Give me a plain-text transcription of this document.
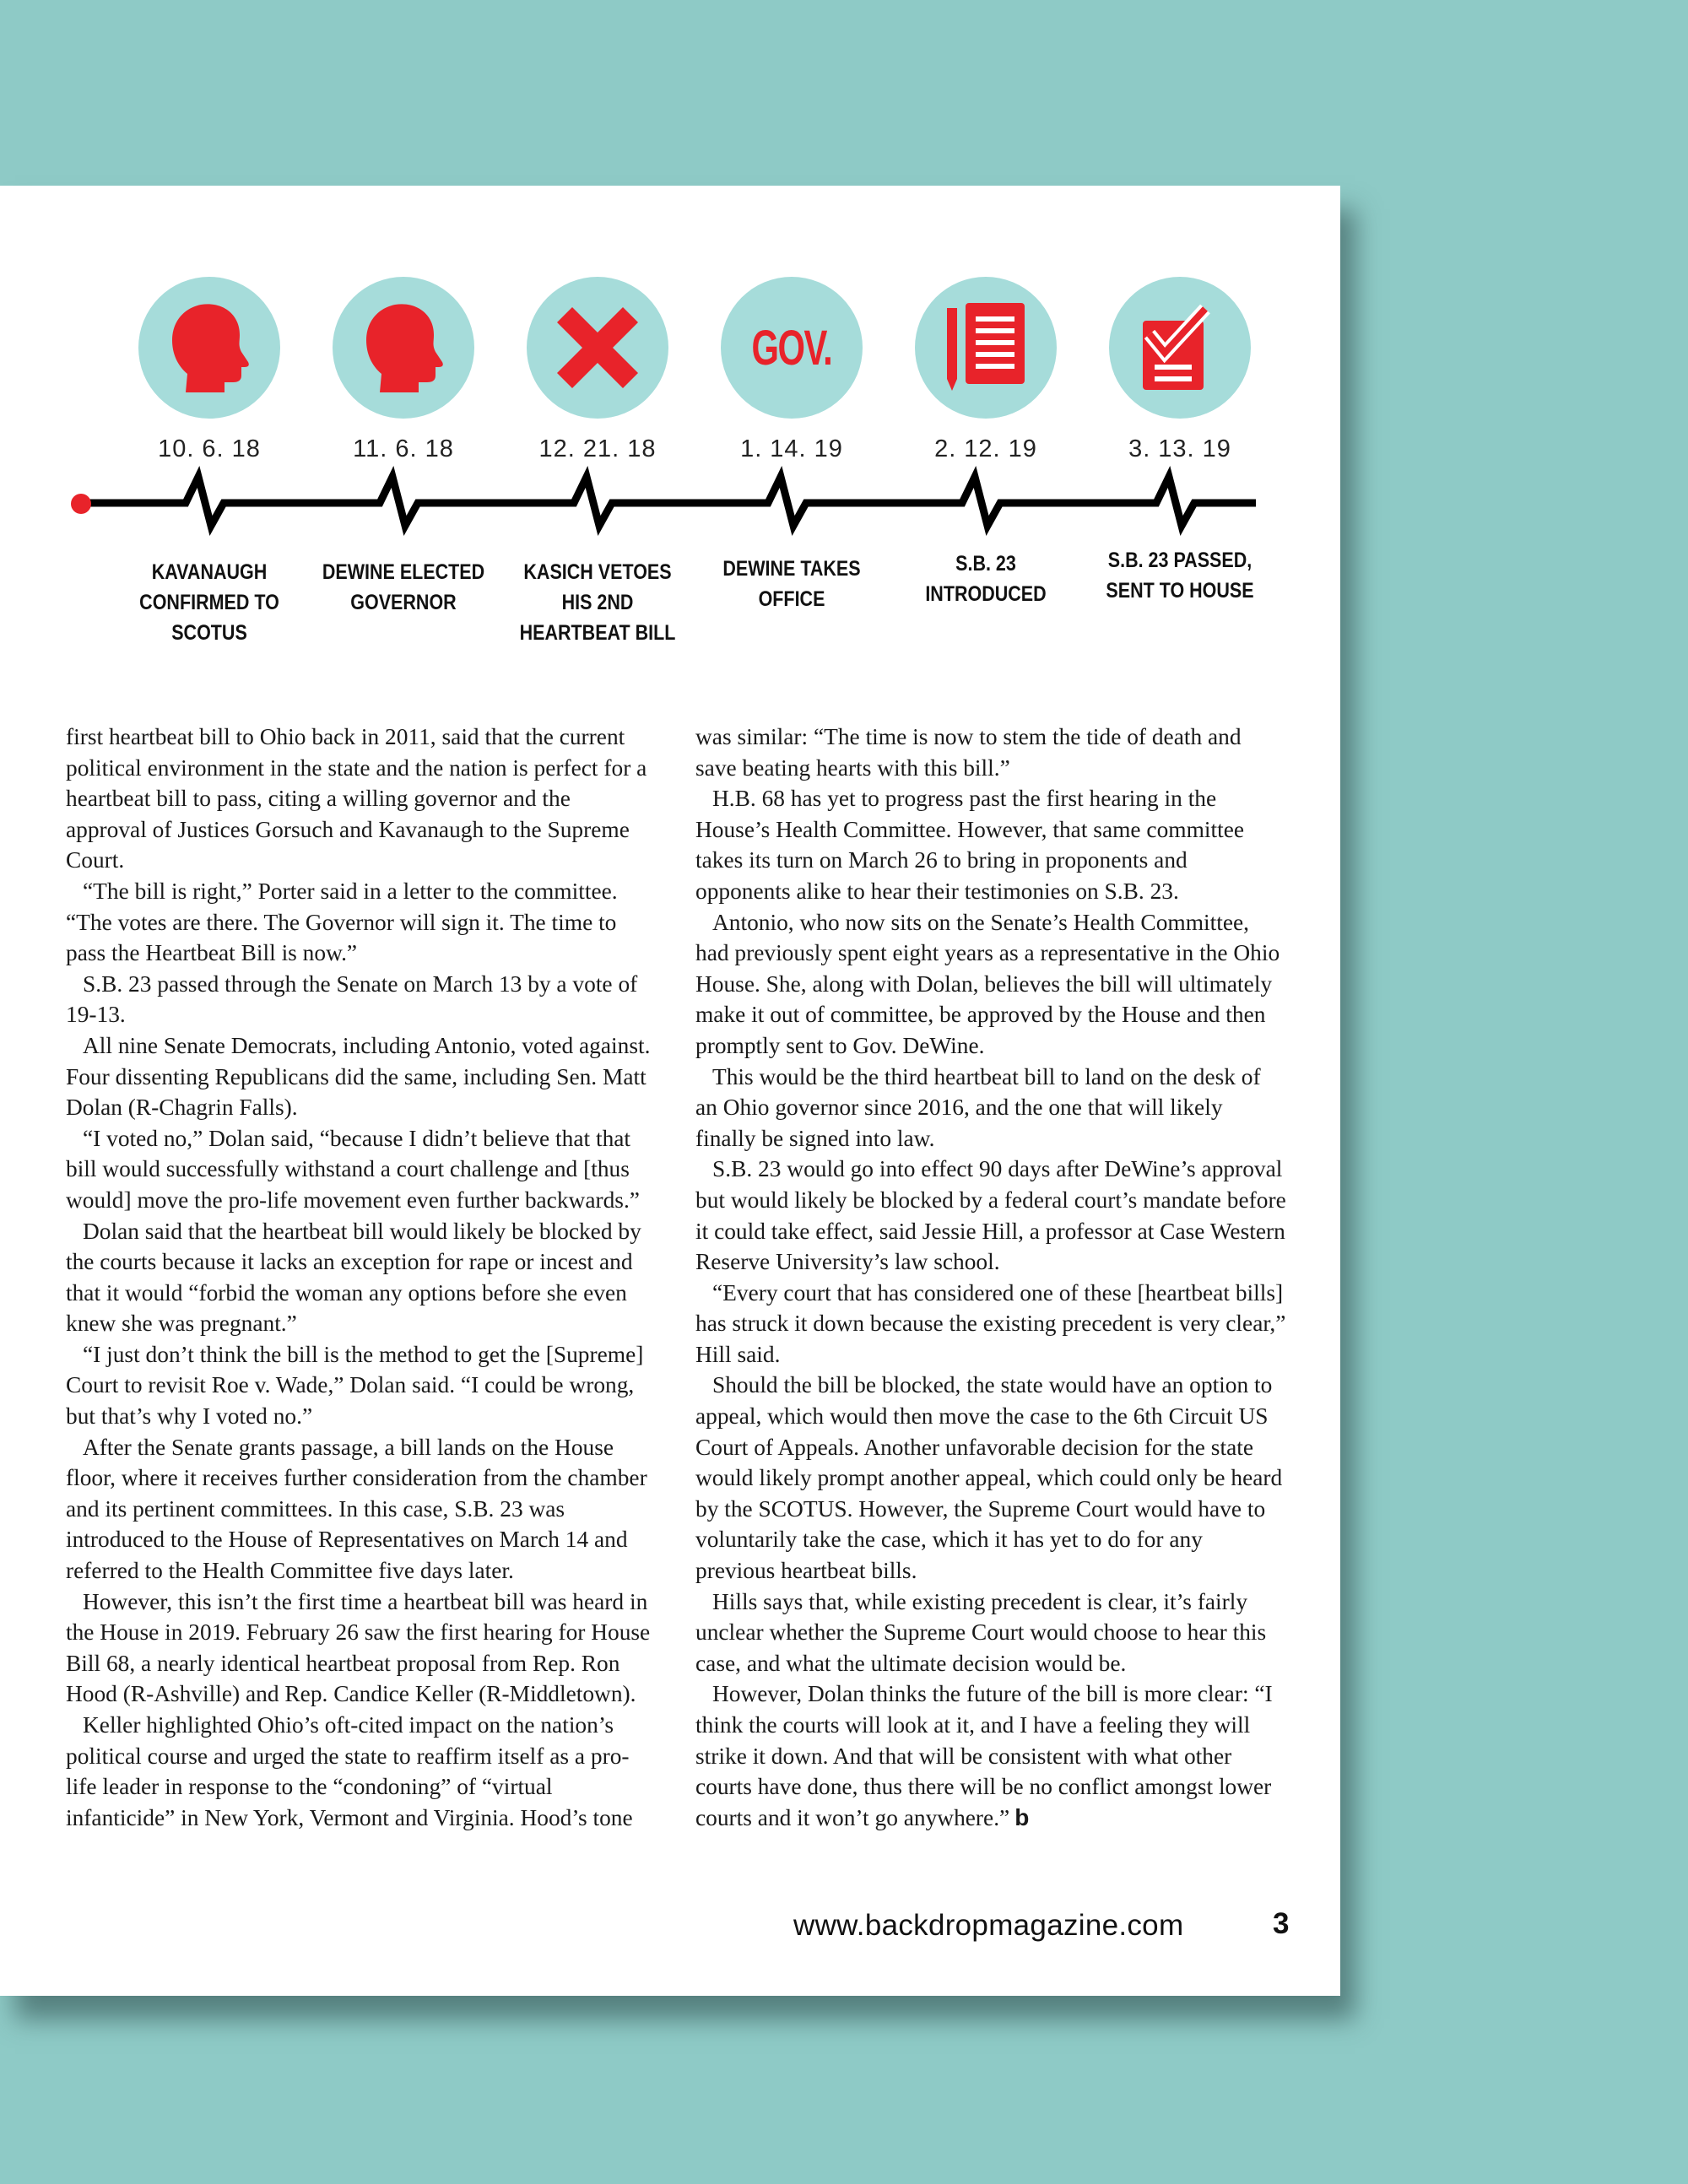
10. 6. 18
KAVANAUGH
CONFIRMED TO
SCOTUS
11. 6. 18
DEWINE ELECTED
GOVERNOR
12. 21. 18
KASICH VETOES
HIS 2ND
HEARTBEAT BILL
GOV.
1. 14. 19
DEWINE TAKES
OFFICE
2. 12. 19
S.B. 23
INTRODUCED
3. 13. 19
S.B. 23 PASSED,
SENT TO HOUSE

first heartbeat bill to Ohio back in 2011, said that the current political environment in the state and the nation is perfect for a heartbeat bill to pass, citing a willing governor and the approval of Justices Gorsuch and Kavanaugh to the Supreme Court.

“The bill is right,” Porter said in a letter to the committee. “The votes are there. The Governor will sign it. The time to pass the Heartbeat Bill is now.”

S.B. 23 passed through the Senate on March 13 by a vote of 19-13.

All nine Senate Democrats, including Antonio, voted against. Four dissenting Republicans did the same, including Sen. Matt Dolan (R-Chagrin Falls).

“I voted no,” Dolan said, “because I didn’t believe that that bill would successfully withstand a court challenge and [thus would] move the pro-life movement even further backwards.”

Dolan said that the heartbeat bill would likely be blocked by the courts because it lacks an exception for rape or incest and that it would “forbid the woman any options before she even knew she was pregnant.”

“I just don’t think the bill is the method to get the [Supreme] Court to revisit Roe v. Wade,” Dolan said. “I could be wrong, but that’s why I voted no.”

After the Senate grants passage, a bill lands on the House floor, where it receives further consideration from the chamber and its pertinent committees. In this case, S.B. 23 was introduced to the House of Representatives on March 14 and referred to the Health Committee five days later.

However, this isn’t the first time a heartbeat bill was heard in the House in 2019. February 26 saw the first hearing for House Bill 68, a nearly identical heartbeat proposal from Rep. Ron Hood (R-Ashville) and Rep. Candice Keller (R-Middletown).

Keller highlighted Ohio’s oft-cited impact on the nation’s political course and urged the state to reaffirm itself as a pro-life leader in response to the “condoning” of “virtual infanticide” in New York, Vermont and Virginia. Hood’s tone

was similar: “The time is now to stem the tide of death and save beating hearts with this bill.”

H.B. 68 has yet to progress past the first hearing in the House’s Health Committee. However, that same committee takes its turn on March 26 to bring in proponents and opponents alike to hear their testimonies on S.B. 23.

Antonio, who now sits on the Senate’s Health Committee, had previously spent eight years as a representative in the Ohio House. She, along with Dolan, believes the bill will ultimately make it out of committee, be approved by the House and then promptly sent to Gov. DeWine.

This would be the third heartbeat bill to land on the desk of an Ohio governor since 2016, and the one that will likely finally be signed into law.

S.B. 23 would go into effect 90 days after DeWine’s approval but would likely be blocked by a federal court’s mandate before it could take effect, said Jessie Hill, a professor at Case Western Reserve University’s law school.

“Every court that has considered one of these [heartbeat bills] has struck it down because the existing precedent is very clear,” Hill said.

Should the bill be blocked, the state would have an option to appeal, which would then move the case to the 6th Circuit US Court of Appeals. Another unfavorable decision for the state would likely prompt another appeal, which could only be heard by the SCOTUS. However, the Supreme Court would have to voluntarily take the case, which it has yet to do for any previous heartbeat bills.

Hills says that, while existing precedent is clear, it’s fairly unclear whether the Supreme Court would choose to hear this case, and what the ultimate decision would be.

However, Dolan thinks the future of the bill is more clear: “I think the courts will look at it, and I have a feeling they will strike it down. And that will be consistent with what other courts have done, thus there will be no conflict amongst lower courts and it won’t go anywhere.” b

www.backdropmagazine.com	3
